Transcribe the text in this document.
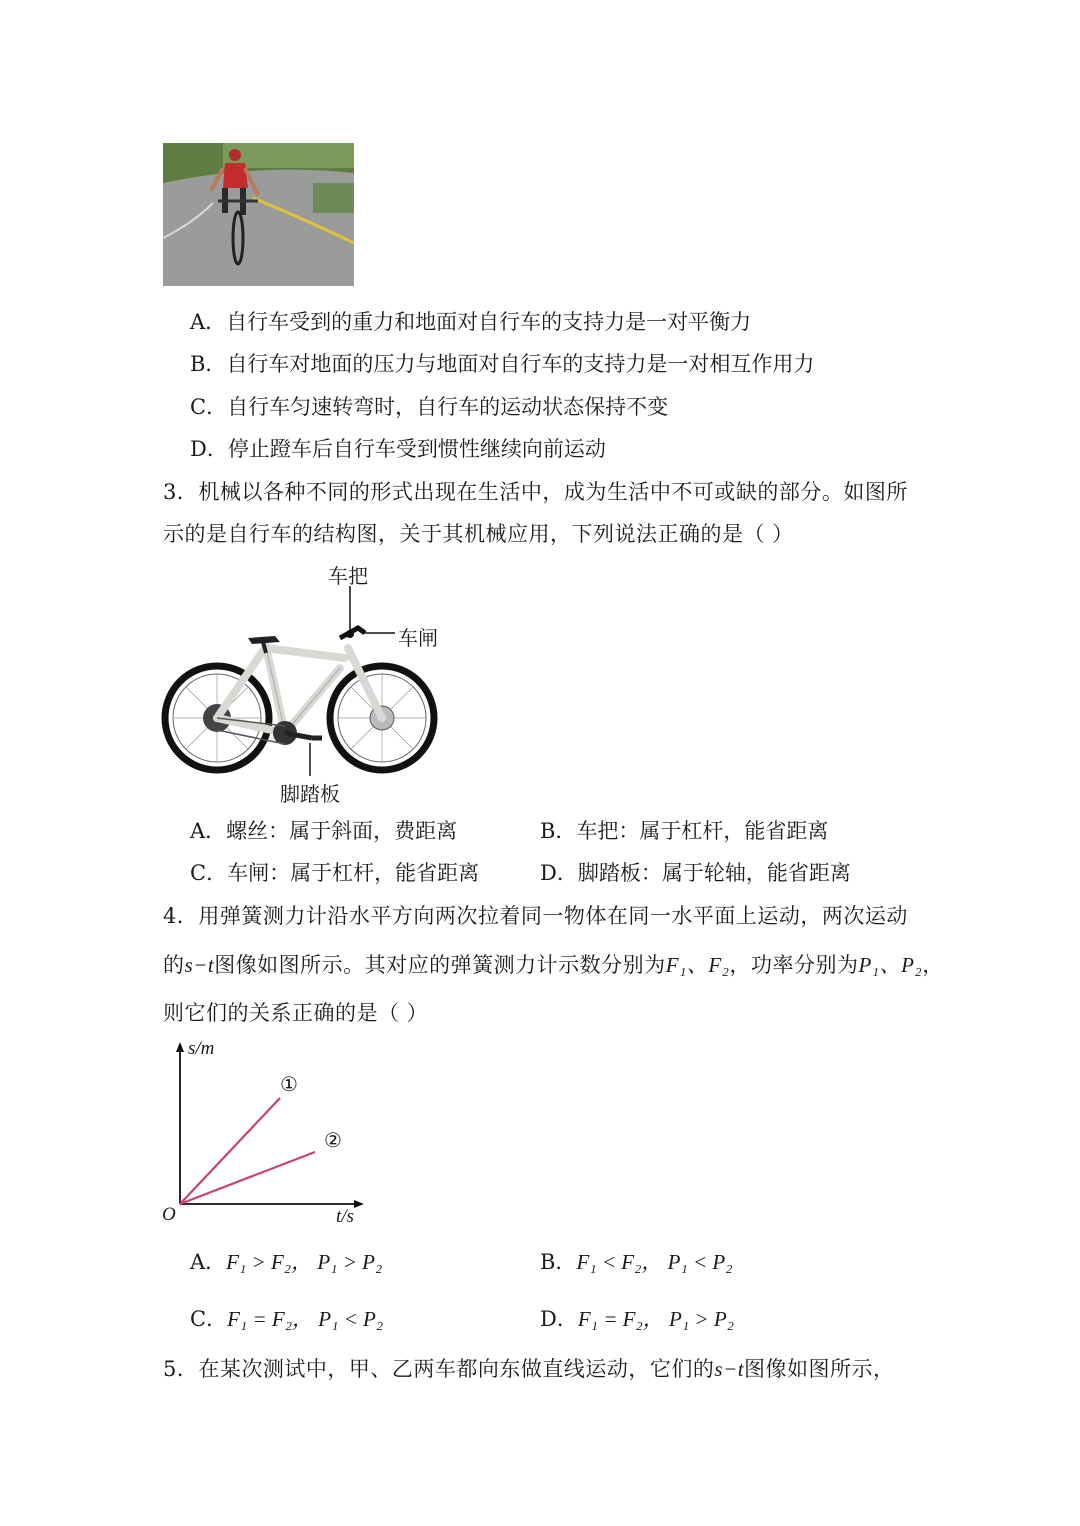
A．自行车受到的重力和地面对自行车的支持力是一对平衡力
B．自行车对地面的压力与地面对自行车的支持力是一对相互作用力
C．自行车匀速转弯时，自行车的运动状态保持不变
D．停止蹬车后自行车受到惯性继续向前运动
3．机械以各种不同的形式出现在生活中，成为生活中不可或缺的部分。如图所
示的是自行车的结构图，关于其机械应用，下列说法正确的是（ ）
车把
车闸
脚踏板
A．螺丝：属于斜面，费距离	B．车把：属于杠杆，能省距离
C．车闸：属于杠杆，能省距离	D．脚踏板：属于轮轴，能省距离
4．用弹簧测力计沿水平方向两次拉着同一物体在同一水平面上运动，两次运动
的s−t图像如图所示。其对应的弹簧测力计示数分别为F₁、F₂，功率分别为P₁、P₂，
则它们的关系正确的是（ ）
s/m
t/s
O
①
②
A．F₁ > F₂， P₁ > P₂	B．F₁ < F₂， P₁ < P₂
C．F₁ = F₂， P₁ < P₂	D．F₁ = F₂， P₁ > P₂
5．在某次测试中，甲、乙两车都向东做直线运动，它们的s−t图像如图所示，
